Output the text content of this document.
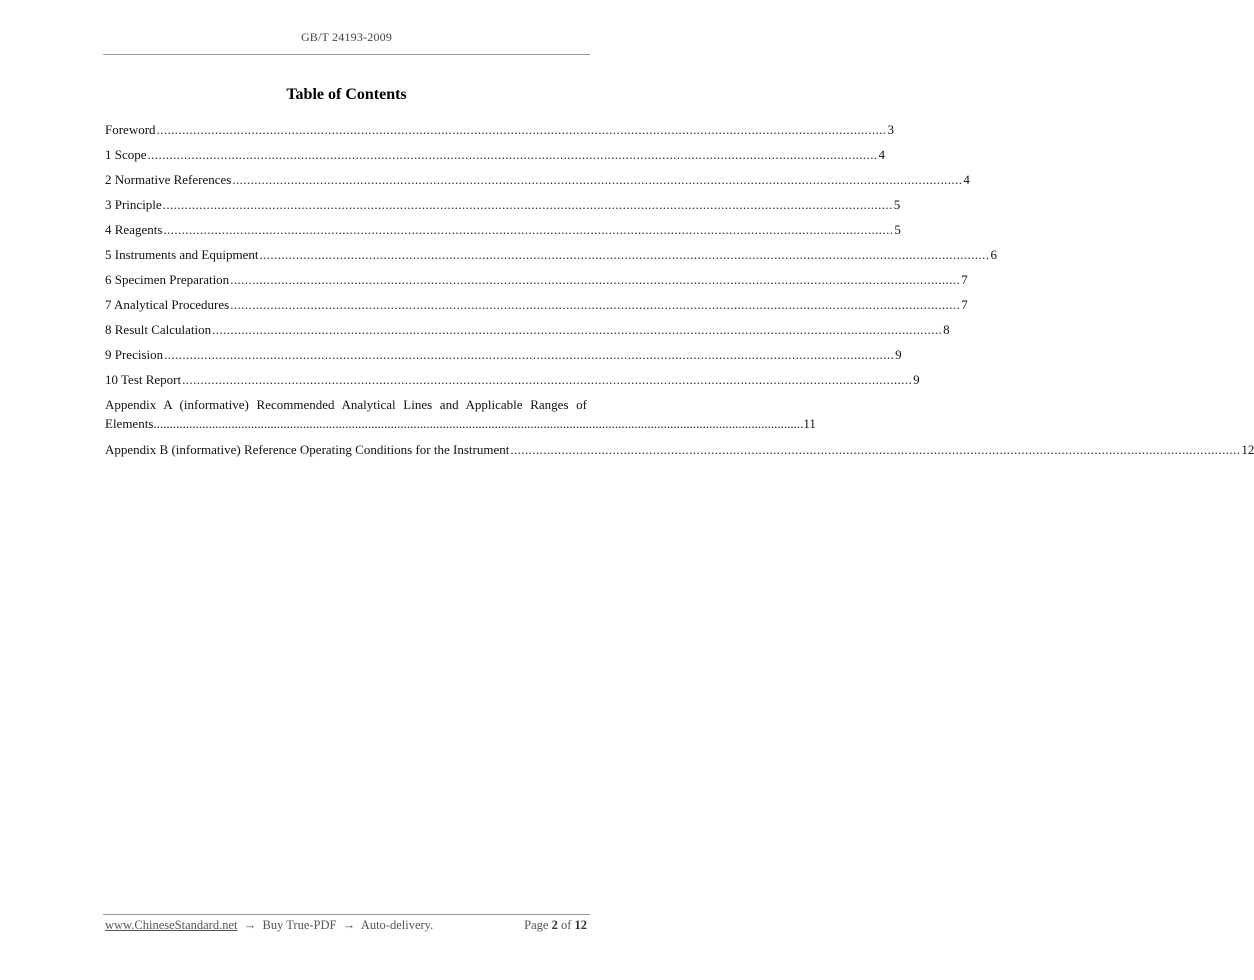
GB/T 24193-2009
Table of Contents
Foreword ........................................................................................................................................................................................................ 3
1 Scope ........................................................................................................................................................................................................ 4
2 Normative References ........................................................................................................................................................................................................ 4
3 Principle ........................................................................................................................................................................................................ 5
4 Reagents ........................................................................................................................................................................................................ 5
5 Instruments and Equipment ........................................................................................................................................................................................................ 6
6 Specimen Preparation ........................................................................................................................................................................................................ 7
7 Analytical Procedures ........................................................................................................................................................................................................ 7
8 Result Calculation ........................................................................................................................................................................................................ 8
9 Precision ........................................................................................................................................................................................................ 9
10 Test Report ........................................................................................................................................................................................................ 9
Appendix A (informative) Recommended Analytical Lines and Applicable Ranges of
Elements ........................................................................................................................................................................................................ 11
Appendix B (informative) Reference Operating Conditions for the Instrument ........................................................................................................................................................................................................ 12
www.ChineseStandard.net  →  Buy True-PDF  →  Auto-delivery.	Page 2 of 12
